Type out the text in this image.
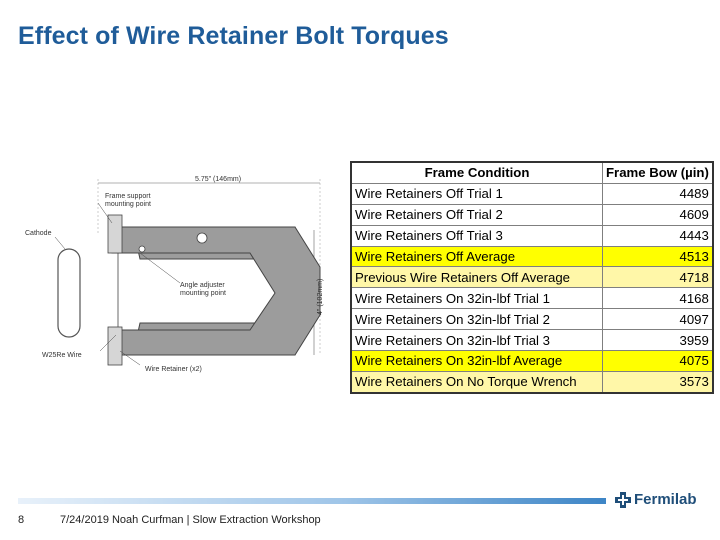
Effect of Wire Retainer Bolt Torques
5.75" (146mm)
Frame support mounting point
Cathode
Angle adjuster mounting point	4" (102mm)
W25Re Wire
Wire Retainer (x2)
Frame Condition	Frame Bow (µin)
Wire Retainers Off Trial 1	4489
Wire Retainers Off Trial 2	4609
Wire Retainers Off Trial 3	4443
Wire Retainers Off Average	4513
Previous Wire Retainers Off Average	4718
Wire Retainers On 32in-lbf Trial 1	4168
Wire Retainers On 32in-lbf Trial 2	4097
Wire Retainers On 32in-lbf Trial 3	3959
Wire Retainers On 32in-lbf Average	4075
Wire Retainers On No Torque Wrench	3573
8	7/24/2019 Noah Curfman | Slow Extraction Workshop
Fermilab
